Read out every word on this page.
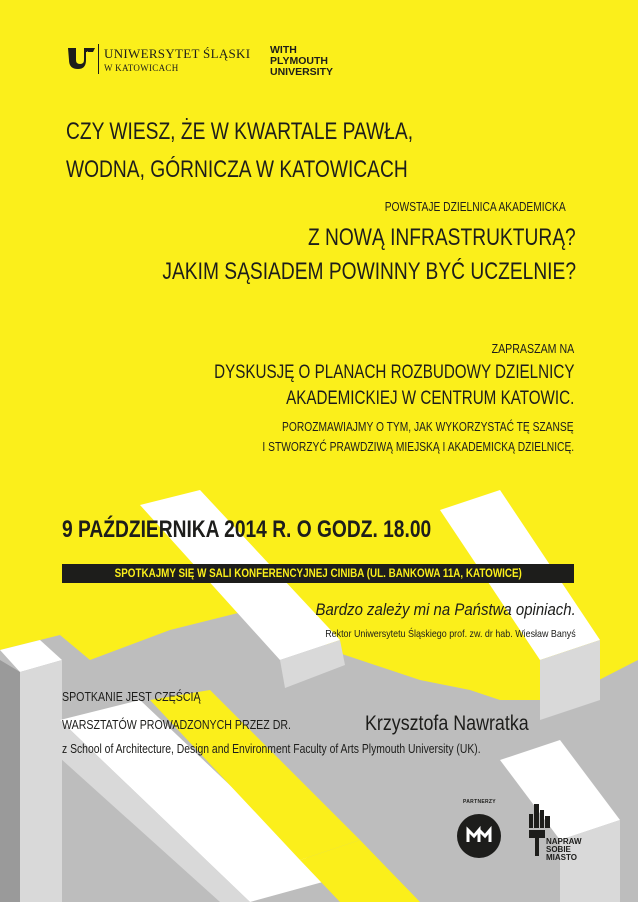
UNIWERSYTET ŚLĄSKI
W KATOWICACH
WITH
PLYMOUTH
UNIVERSITY
CZY WIESZ, ŻE W KWARTALE PAWŁA,
WODNA, GÓRNICZA W KATOWICACH
POWSTAJE DZIELNICA AKADEMICKA
Z NOWĄ INFRASTRUKTURĄ?
JAKIM SĄSIADEM POWINNY BYĆ UCZELNIE?
ZAPRASZAM NA
DYSKUSJĘ O PLANACH ROZBUDOWY DZIELNICY
AKADEMICKIEJ W CENTRUM KATOWIC.
POROZMAWIAJMY O TYM, JAK WYKORZYSTAĆ TĘ SZANSĘ
I STWORZYĆ PRAWDZIWĄ MIEJSKĄ I AKADEMICKĄ DZIELNICĘ.
9 PAŹDZIERNIKA 2014 R. O GODZ. 18.00
SPOTKAJMY SIĘ W SALI KONFERENCYJNEJ CINIBA (UL. BANKOWA 11A, KATOWICE)
Bardzo zależy mi na Państwa opiniach.
Rektor Uniwersytetu Śląskiego prof. zw. dr hab. Wiesław Banyś
SPOTKANIE JEST CZĘŚCIĄ
WARSZTATÓW PROWADZONYCH PRZEZ DR.	Krzysztofa Nawratka
z School of Architecture, Design and Environment Faculty of Arts Plymouth University (UK).
PARTNERZY
NAPRAW
SOBIE
MIASTO
